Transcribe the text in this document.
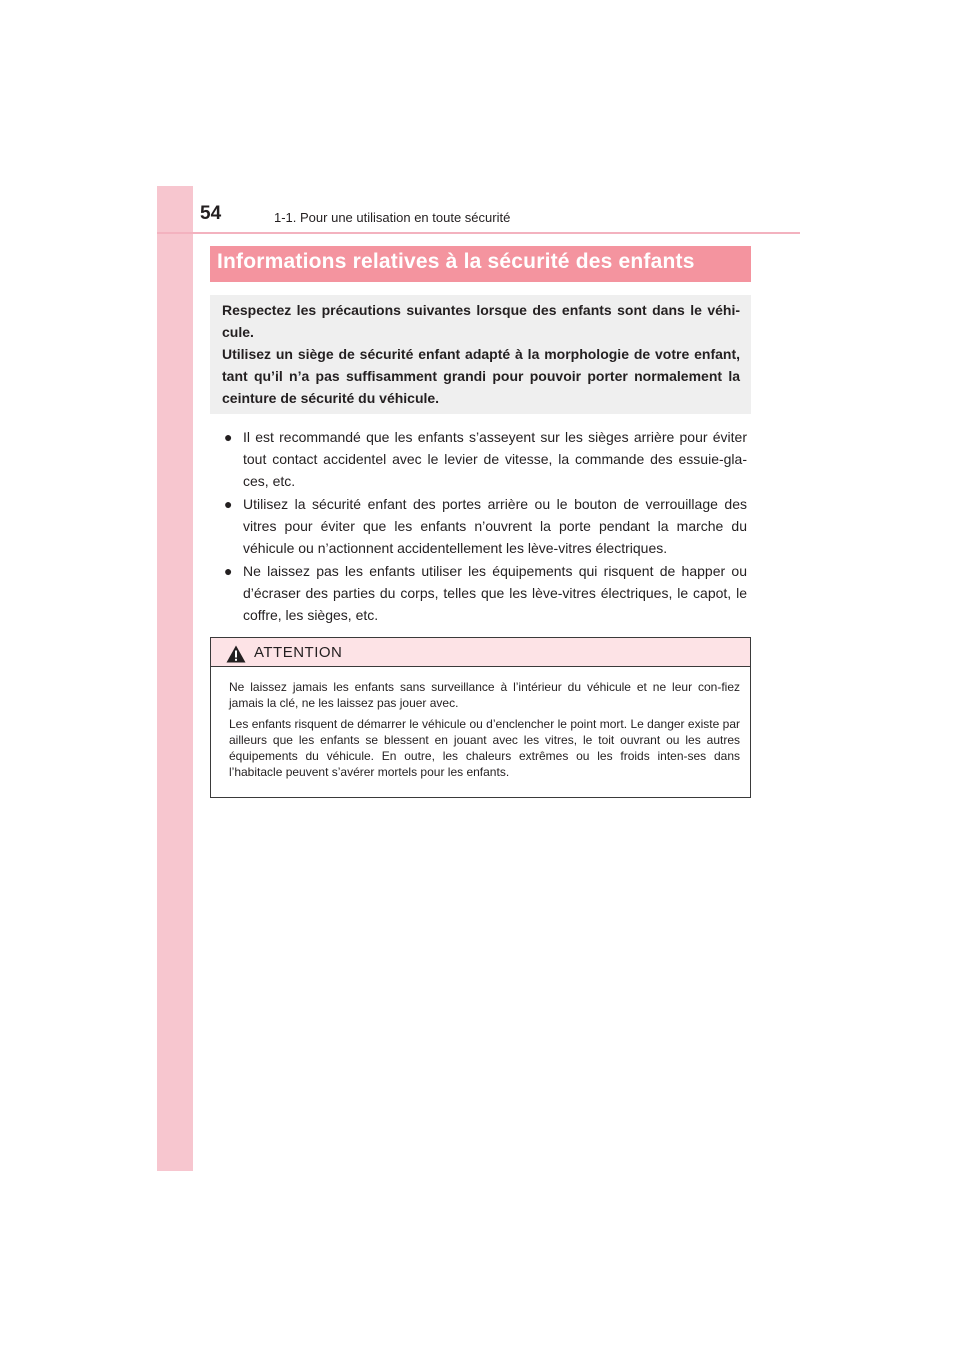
54	1-1. Pour une utilisation en toute sécurité
Informations relatives à la sécurité des enfants

Respectez les précautions suivantes lorsque des enfants sont dans le véhi-cule.

Utilisez un siège de sécurité enfant adapté à la morphologie de votre enfant, tant qu’il n’a pas suffisamment grandi pour pouvoir porter normalement la ceinture de sécurité du véhicule.

● Il est recommandé que les enfants s’asseyent sur les sièges arrière pour éviter tout contact accidentel avec le levier de vitesse, la commande des essuie-gla-ces, etc.
● Utilisez la sécurité enfant des portes arrière ou le bouton de verrouillage des vitres pour éviter que les enfants n’ouvrent la porte pendant la marche du véhicule ou n’actionnent accidentellement les lève-vitres électriques.
● Ne laissez pas les enfants utiliser les équipements qui risquent de happer ou d’écraser des parties du corps, telles que les lève-vitres électriques, le capot, le coffre, les sièges, etc.
ATTENTION

Ne laissez jamais les enfants sans surveillance à l’intérieur du véhicule et ne leur con-fiez jamais la clé, ne les laissez pas jouer avec.

Les enfants risquent de démarrer le véhicule ou d’enclencher le point mort. Le danger existe par ailleurs que les enfants se blessent en jouant avec les vitres, le toit ouvrant ou les autres équipements du véhicule. En outre, les chaleurs extrêmes ou les froids inten-ses dans l’habitacle peuvent s’avérer mortels pour les enfants.
